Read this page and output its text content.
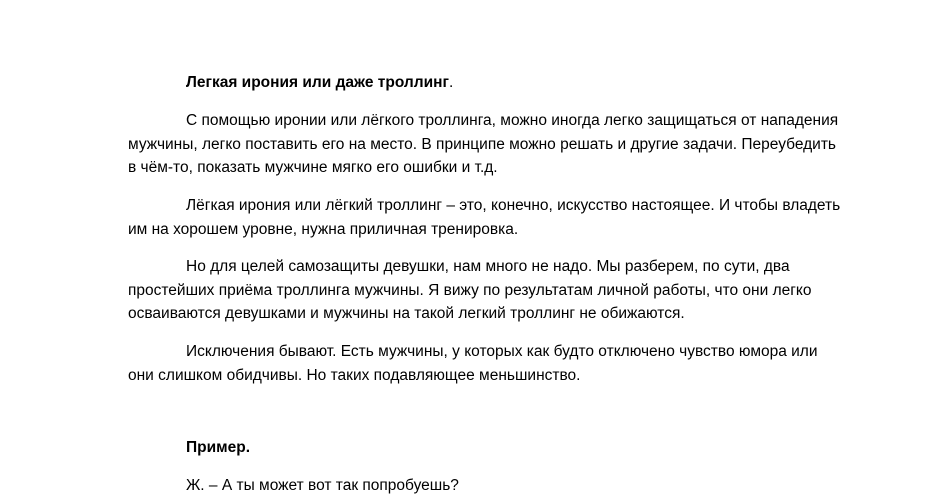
Легкая ирония или даже троллинг.

С помощью иронии или лёгкого троллинга, можно иногда легко защищаться от нападения
мужчины, легко поставить его на место. В принципе можно решать и другие задачи. Переубедить
в чём-то, показать мужчине мягко его ошибки и т.д.

Лёгкая ирония или лёгкий троллинг – это, конечно, искусство настоящее. И чтобы владеть
им на хорошем уровне, нужна приличная тренировка.

Но для целей самозащиты девушки, нам много не надо. Мы разберем, по сути, два
простейших приёма троллинга мужчины. Я вижу по результатам личной работы, что они легко
осваиваются девушками и мужчины на такой легкий троллинг не обижаются.

Исключения бывают. Есть мужчины, у которых как будто отключено чувство юмора или
они слишком обидчивы. Но таких подавляющее меньшинство.

Пример.

Ж. – А ты может вот так попробуешь?
